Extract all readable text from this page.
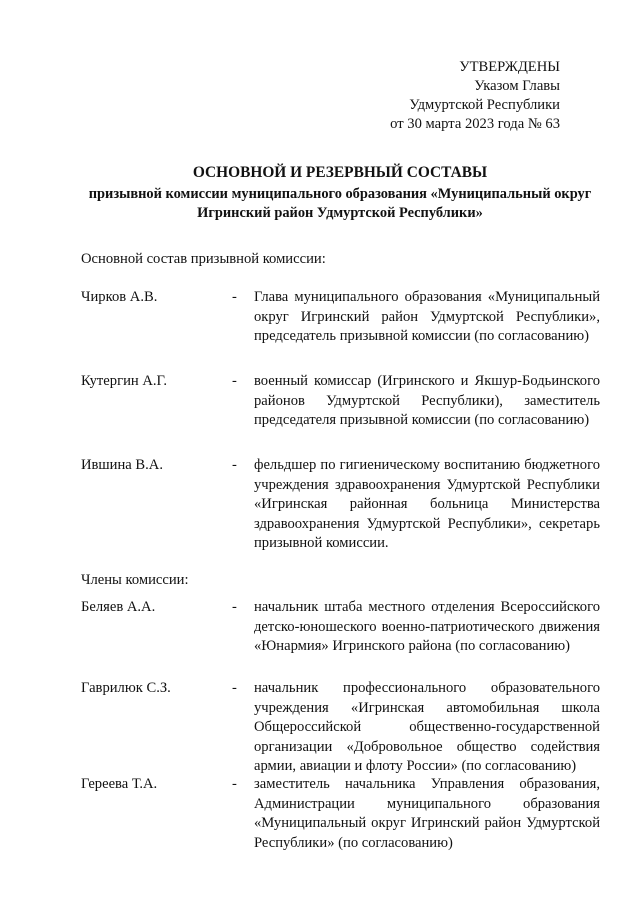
УТВЕРЖДЕНЫ
Указом Главы
Удмуртской Республики
от 30 марта 2023 года № 63
ОСНОВНОЙ И РЕЗЕРВНЫЙ СОСТАВЫ
призывной комиссии муниципального образования «Муниципальный округ Игринский район Удмуртской Республики»
Основной состав призывной комиссии:
Чирков А.В.	- Глава муниципального образования «Муниципальный округ Игринский район Удмуртской Республики», председатель призывной комиссии (по согласованию)
Кутергин А.Г.	- военный комиссар (Игринского и Якшур-Бодьинского районов Удмуртской Республики), заместитель председателя призывной комиссии (по согласованию)
Ившина В.А.	- фельдшер по гигиеническому воспитанию бюджетного учреждения здравоохранения Удмуртской Республики «Игринская районная больница Министерства здравоохранения Удмуртской Республики», секретарь призывной комиссии.
Члены комиссии:
Беляев А.А.	- начальник штаба местного отделения Всероссийского детско-юношеского военно-патриотического движения «Юнармия» Игринского района (по согласованию)
Гаврилюк С.З.	- начальник профессионального образовательного учреждения «Игринская автомобильная школа Общероссийской общественно-государственной организации «Добровольное общество содействия армии, авиации и флоту России» (по согласованию)
Гереева Т.А.	- заместитель начальника Управления образования, Администрации муниципального образования «Муниципальный округ Игринский район Удмуртской Республики» (по согласованию)
